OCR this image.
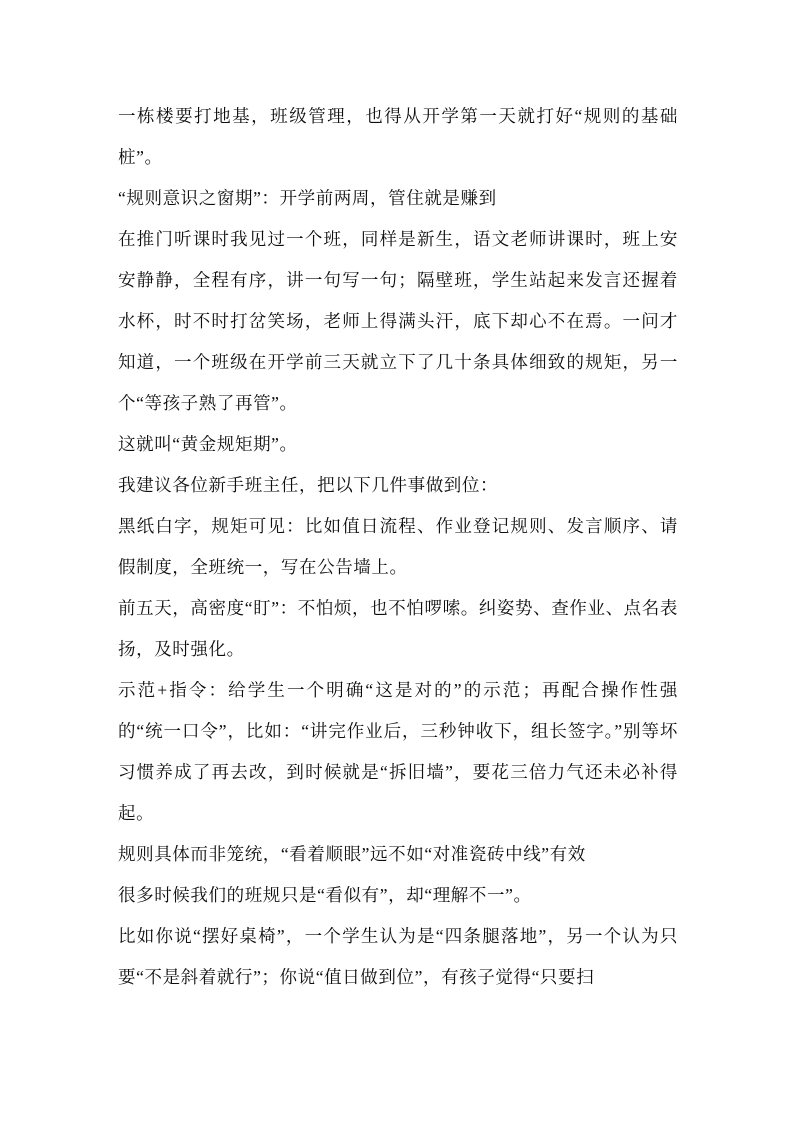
一栋楼要打地基，班级管理，也得从开学第一天就打好“规则的基础桩”。

“规则意识之窗期”：开学前两周，管住就是赚到

在推门听课时我见过一个班，同样是新生，语文老师讲课时，班上安安静静，全程有序，讲一句写一句；隔壁班，学生站起来发言还握着水杯，时不时打岔笑场，老师上得满头汗，底下却心不在焉。一问才知道，一个班级在开学前三天就立下了几十条具体细致的规矩，另一个“等孩子熟了再管”。

这就叫“黄金规矩期”。

我建议各位新手班主任，把以下几件事做到位：

黑纸白字，规矩可见：比如值日流程、作业登记规则、发言顺序、请假制度，全班统一，写在公告墙上。

前五天，高密度“盯”：不怕烦，也不怕啰嗦。纠姿势、查作业、点名表扬，及时强化。

示范+指令：给学生一个明确“这是对的”的示范；再配合操作性强的“统一口令”，比如：“讲完作业后，三秒钟收下，组长签字。”别等坏习惯养成了再去改，到时候就是“拆旧墙”，要花三倍力气还未必补得起。

规则具体而非笼统，“看着顺眼”远不如“对准瓷砖中线”有效

很多时候我们的班规只是“看似有”，却“理解不一”。

比如你说“摆好桌椅”，一个学生认为是“四条腿落地”，另一个认为只要“不是斜着就行”；你说“值日做到位”，有孩子觉得“只要扫
